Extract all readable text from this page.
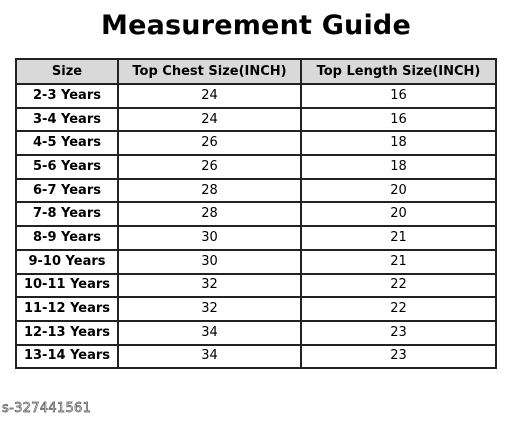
Measurement Guide
Size	Top Chest Size(INCH)	Top Length Size(INCH)
2-3 Years	24	16
3-4 Years	24	16
4-5 Years	26	18
5-6 Years	26	18
6-7 Years	28	20
7-8 Years	28	20
8-9 Years	30	21
9-10 Years	30	21
10-11 Years	32	22
11-12 Years	32	22
12-13 Years	34	23
13-14 Years	34	23
s-327441561
